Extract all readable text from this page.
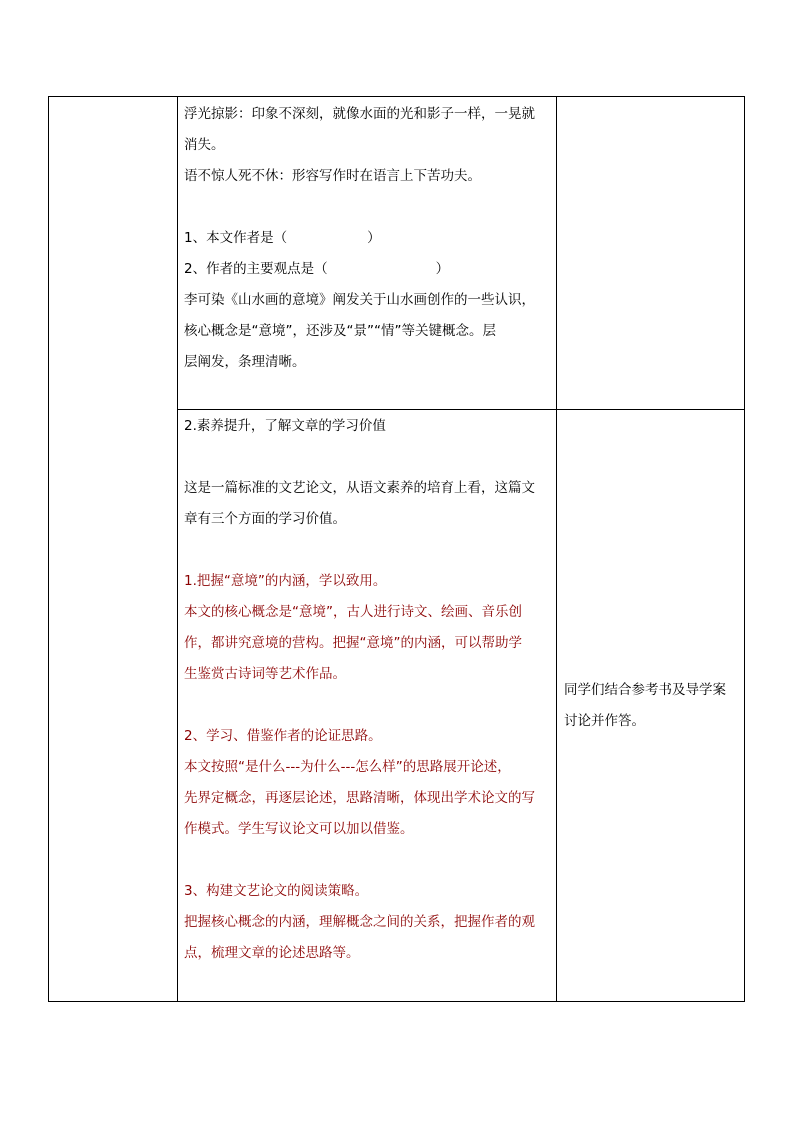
浮光掠影：印象不深刻，就像水面的光和影子一样，一晃就

消失。

语不惊人死不休：形容写作时在语言上下苦功夫。

1、本文作者是（	）

2、作者的主要观点是（	）

李可染《山水画的意境》阐发关于山水画创作的一些认识，

核心概念是“意境”，还涉及“景”“情”等关键概念。层

层阐发，条理清晰。

2.素养提升，了解文章的学习价值

这是一篇标准的文艺论文，从语文素养的培育上看，这篇文

章有三个方面的学习价值。

1.把握“意境”的内涵，学以致用。

本文的核心概念是“意境”，古人进行诗文、绘画、音乐创

作，都讲究意境的营构。把握“意境”的内涵，可以帮助学

生鉴赏古诗词等艺术作品。

2、学习、借鉴作者的论证思路。

本文按照“是什么---为什么---怎么样”的思路展开论述，

先界定概念，再逐层论述，思路清晰，体现出学术论文的写

作模式。学生写议论文可以加以借鉴。

3、构建文艺论文的阅读策略。

把握核心概念的内涵，理解概念之间的关系，把握作者的观

点，梳理文章的论述思路等。

同学们结合参考书及导学案

讨论并作答。
